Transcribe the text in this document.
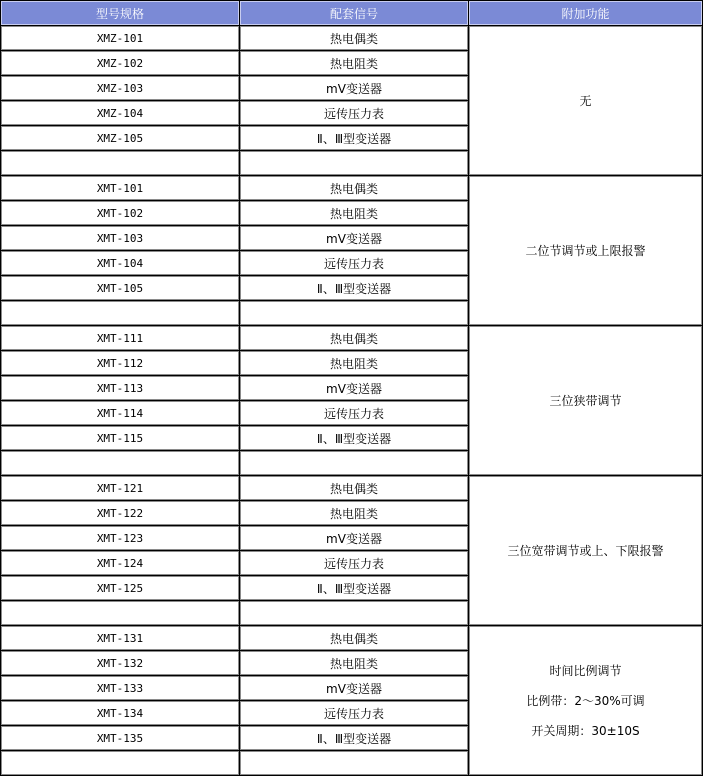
型号规格	配套信号	附加功能
XMZ-101	热电偶类	无

XMZ-102	热电阻类	
XMZ-103	mV变送器	
XMZ-104	远传压力表	
XMZ-105	Ⅱ、Ⅲ型变送器	

XMT-101	热电偶类	二位节调节或上限报警

XMT-102	热电阻类	
XMT-103	mV变送器	
XMT-104	远传压力表	
XMT-105	Ⅱ、Ⅲ型变送器	

XMT-111	热电偶类	三位狭带调节

XMT-112	热电阻类	
XMT-113	mV变送器	
XMT-114	远传压力表	
XMT-115	Ⅱ、Ⅲ型变送器	

XMT-121	热电偶类	三位宽带调节或上、下限报警

XMT-122	热电阻类	
XMT-123	mV变送器	
XMT-124	远传压力表	
XMT-125	Ⅱ、Ⅲ型变送器	

XMT-131	热电偶类	时间比例调节
比例带：2～30%可调
开关周期：30±10S

XMT-132	热电阻类	
XMT-133	mV变送器	
XMT-134	远传压力表	
XMT-135	Ⅱ、Ⅲ型变送器	
